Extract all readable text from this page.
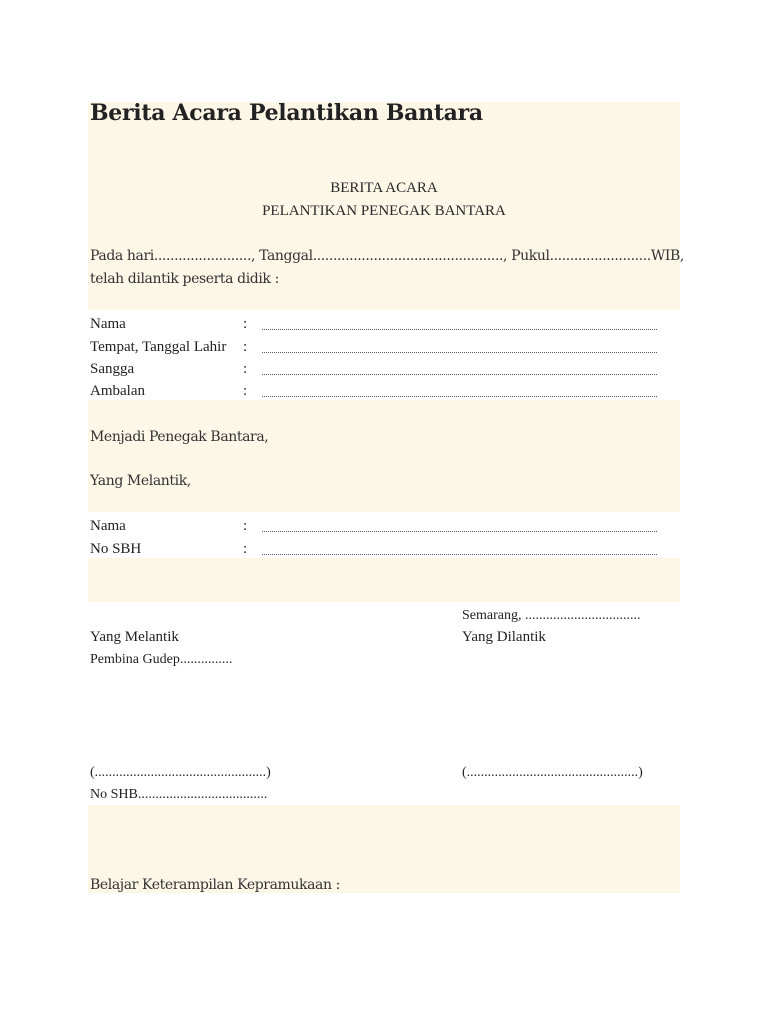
Berita Acara Pelantikan Bantara
BERITA ACARA
PELANTIKAN PENEGAK BANTARA
Pada hari........................, Tanggal..............................................., Pukul.........................WIB,
telah dilantik peserta didik :
Nama	:
Tempat, Tanggal Lahir :
Sangga	:
Ambalan	:
Menjadi Penegak Bantara,
Yang Melantik,
Nama	:
No SBH	:
Semarang, .................................
Yang Melantik	Yang Dilantik
Pembina Gudep...............
(.................................................)	(.................................................)
No SHB.....................................
Belajar Keterampilan Kepramukaan :
